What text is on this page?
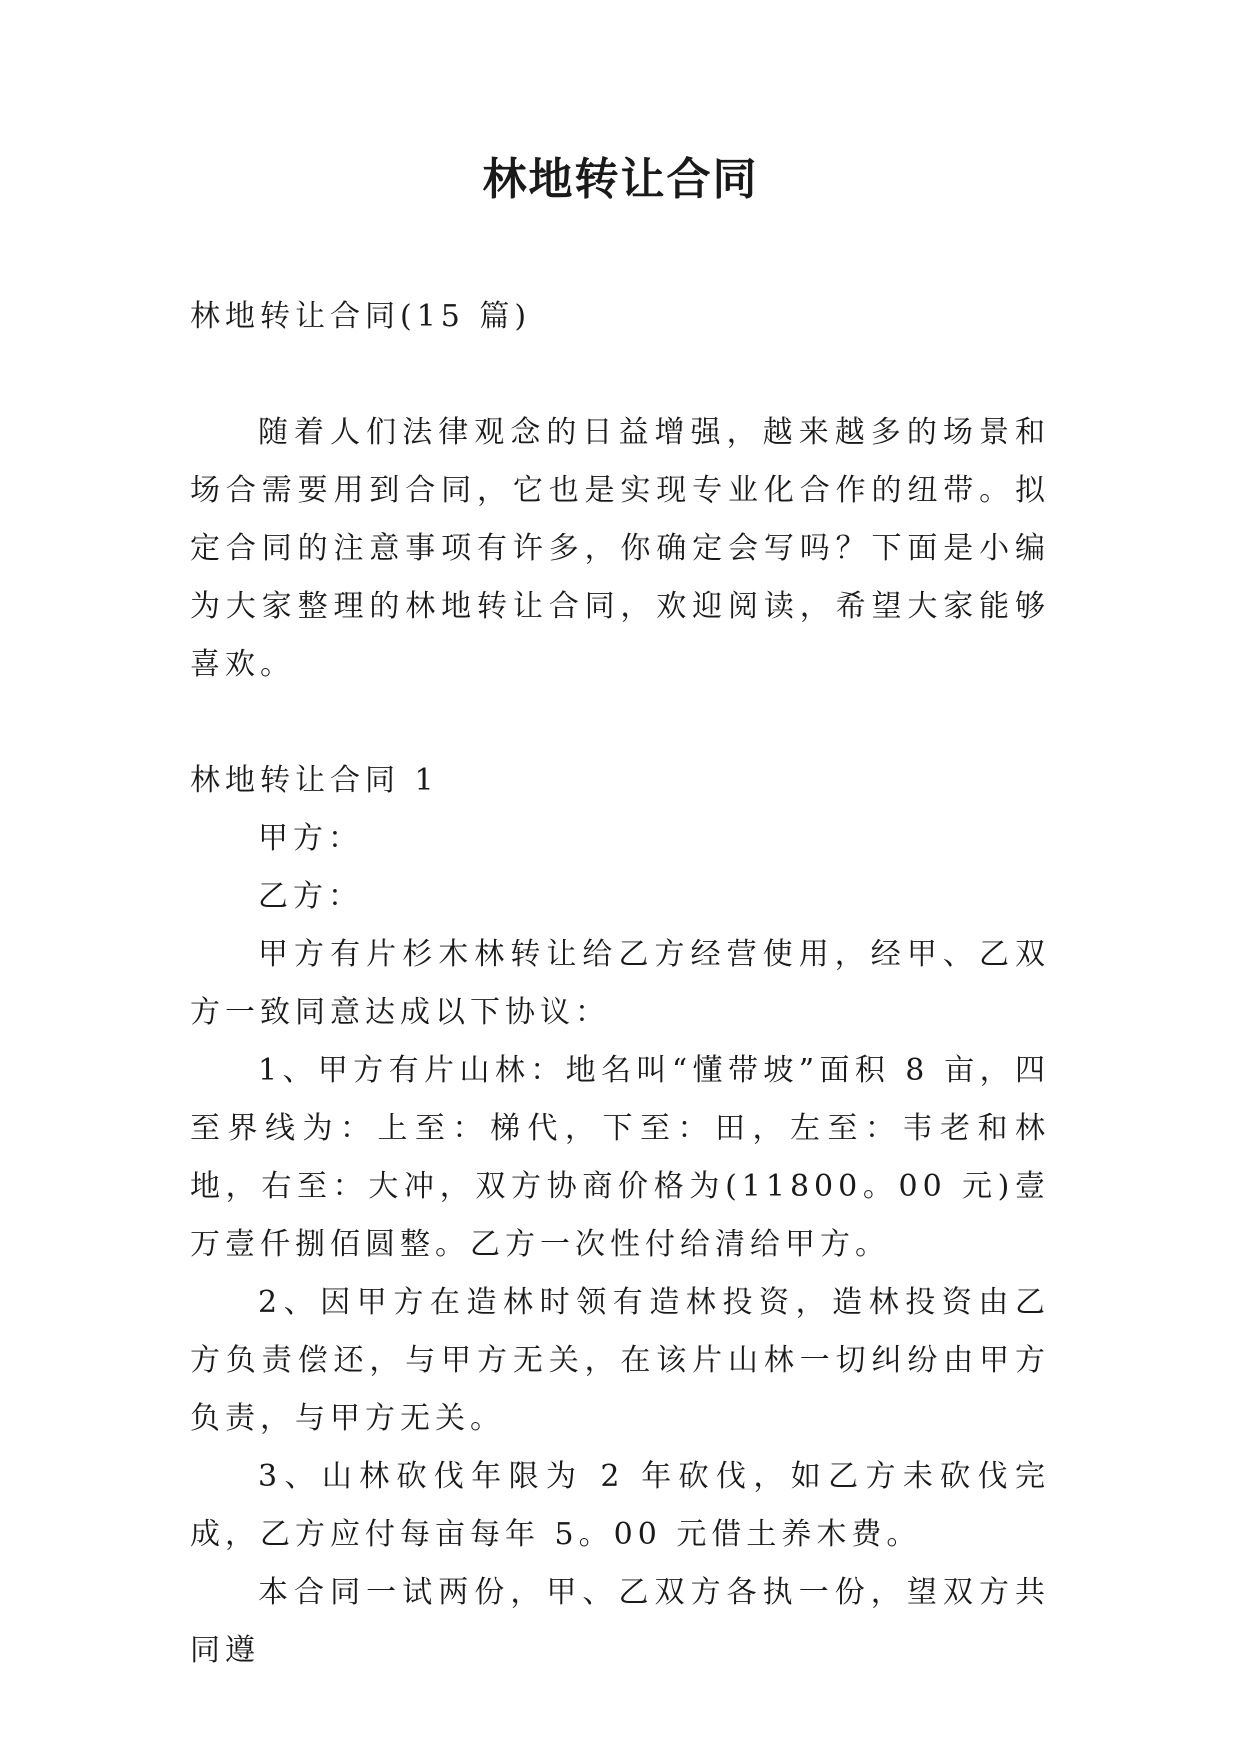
林地转让合同

林地转让合同(15 篇)

随着人们法律观念的日益增强，越来越多的场景和场合需要用到合同，它也是实现专业化合作的纽带。拟定合同的注意事项有许多，你确定会写吗？下面是小编为大家整理的林地转让合同，欢迎阅读，希望大家能够喜欢。

林地转让合同 1

甲方：

乙方：

甲方有片杉木林转让给乙方经营使用，经甲、乙双方一致同意达成以下协议：

1、甲方有片山林：地名叫“懂带坡”面积 8 亩，四至界线为：上至：梯代，下至：田，左至：韦老和林地，右至：大冲，双方协商价格为(11800。00 元)壹万壹仟捌佰圆整。乙方一次性付给清给甲方。

2、因甲方在造林时领有造林投资，造林投资由乙方负责偿还，与甲方无关，在该片山林一切纠纷由甲方负责，与甲方无关。

3、山林砍伐年限为 2 年砍伐，如乙方未砍伐完成，乙方应付每亩每年 5。00 元借土养木费。

本合同一试两份，甲、乙双方各执一份，望双方共同遵
